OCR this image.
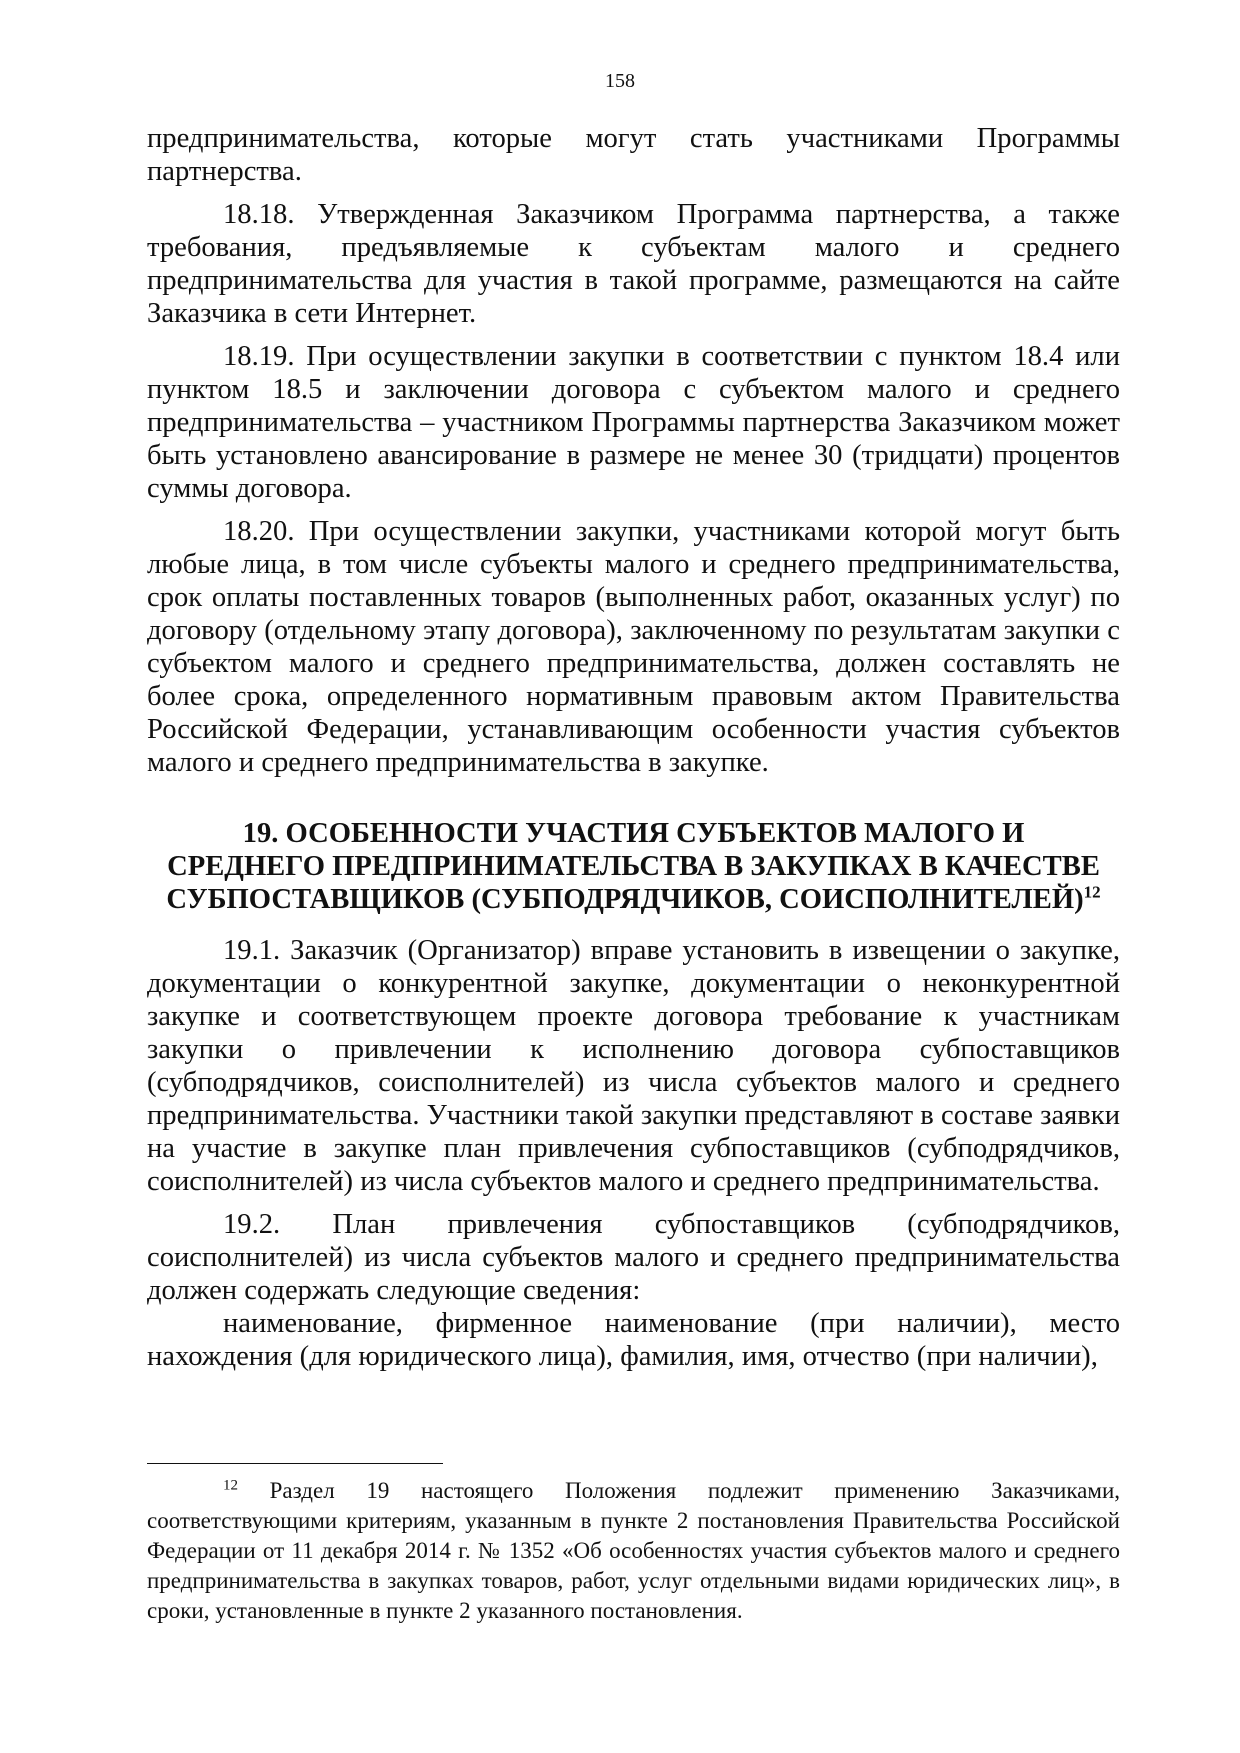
158

предпринимательства, которые могут стать участниками Программы партнерства.

18.18. Утвержденная Заказчиком Программа партнерства, а также требования, предъявляемые к субъектам малого и среднего предпринимательства для участия в такой программе, размещаются на сайте Заказчика в сети Интернет.

18.19. При осуществлении закупки в соответствии с пунктом 18.4 или пунктом 18.5 и заключении договора с субъектом малого и среднего предпринимательства – участником Программы партнерства Заказчиком может быть установлено авансирование в размере не менее 30 (тридцати) процентов суммы договора.

18.20. При осуществлении закупки, участниками которой могут быть любые лица, в том числе субъекты малого и среднего предпринимательства, срок оплаты поставленных товаров (выполненных работ, оказанных услуг) по договору (отдельному этапу договора), заключенному по результатам закупки с субъектом малого и среднего предпринимательства, должен составлять не более срока, определенного нормативным правовым актом Правительства Российской Федерации, устанавливающим особенности участия субъектов малого и среднего предпринимательства в закупке.

19. ОСОБЕННОСТИ УЧАСТИЯ СУБЪЕКТОВ МАЛОГО И
СРЕДНЕГО ПРЕДПРИНИМАТЕЛЬСТВА В ЗАКУПКАХ В КАЧЕСТВЕ
СУБПОСТАВЩИКОВ (СУБПОДРЯДЧИКОВ, СОИСПОЛНИТЕЛЕЙ)$^{12}$

19.1. Заказчик (Организатор) вправе установить в извещении о закупке, документации о конкурентной закупке, документации о неконкурентной закупке и соответствующем проекте договора требование к участникам закупки о привлечении к исполнению договора субпоставщиков (субподрядчиков, соисполнителей) из числа субъектов малого и среднего предпринимательства. Участники такой закупки представляют в составе заявки на участие в закупке план привлечения субпоставщиков (субподрядчиков, соисполнителей) из числа субъектов малого и среднего предпринимательства.

19.2. План привлечения субпоставщиков (субподрядчиков, соисполнителей) из числа субъектов малого и среднего предпринимательства должен содержать следующие сведения:

наименование, фирменное наименование (при наличии), место нахождения (для юридического лица), фамилия, имя, отчество (при наличии),

$^{12}$ Раздел 19 настоящего Положения подлежит применению Заказчиками, соответствующими критериям, указанным в пункте 2 постановления Правительства Российской Федерации от 11 декабря 2014 г. № 1352 «Об особенностях участия субъектов малого и среднего предпринимательства в закупках товаров, работ, услуг отдельными видами юридических лиц», в сроки, установленные в пункте 2 указанного постановления.
